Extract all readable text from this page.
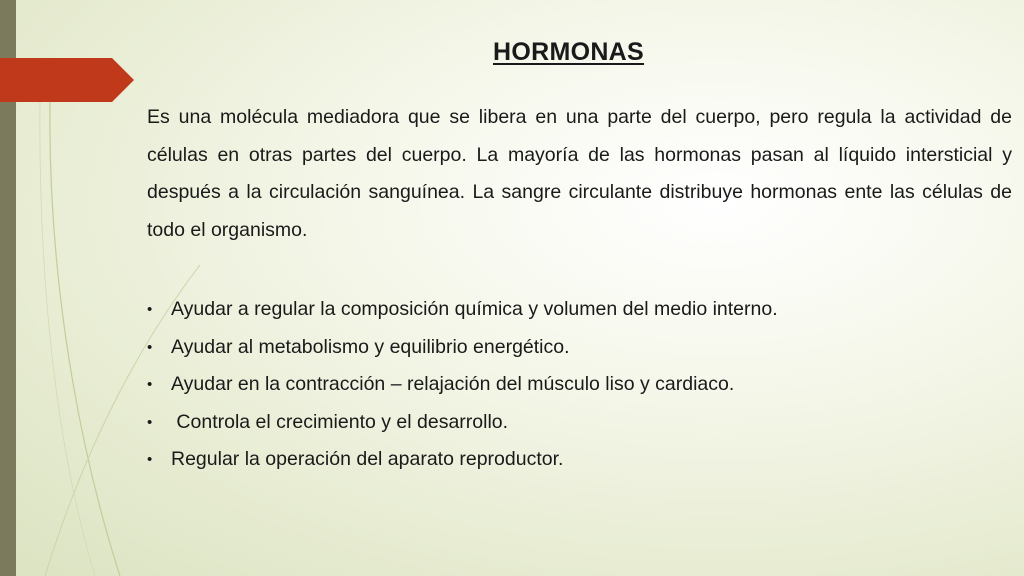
HORMONAS

Es una molécula mediadora que se libera en una parte del cuerpo, pero regula la actividad de células en otras partes del cuerpo. La mayoría de las hormonas pasan al líquido intersticial y después a la circulación sanguínea. La sangre circulante distribuye hormonas ente las células de todo el organismo.

• Ayudar a regular la composición química y volumen del medio interno.
• Ayudar al metabolismo y equilibrio energético.
• Ayudar en la contracción – relajación del músculo liso y cardiaco.
• Controla el crecimiento y el desarrollo.
• Regular la operación del aparato reproductor.
